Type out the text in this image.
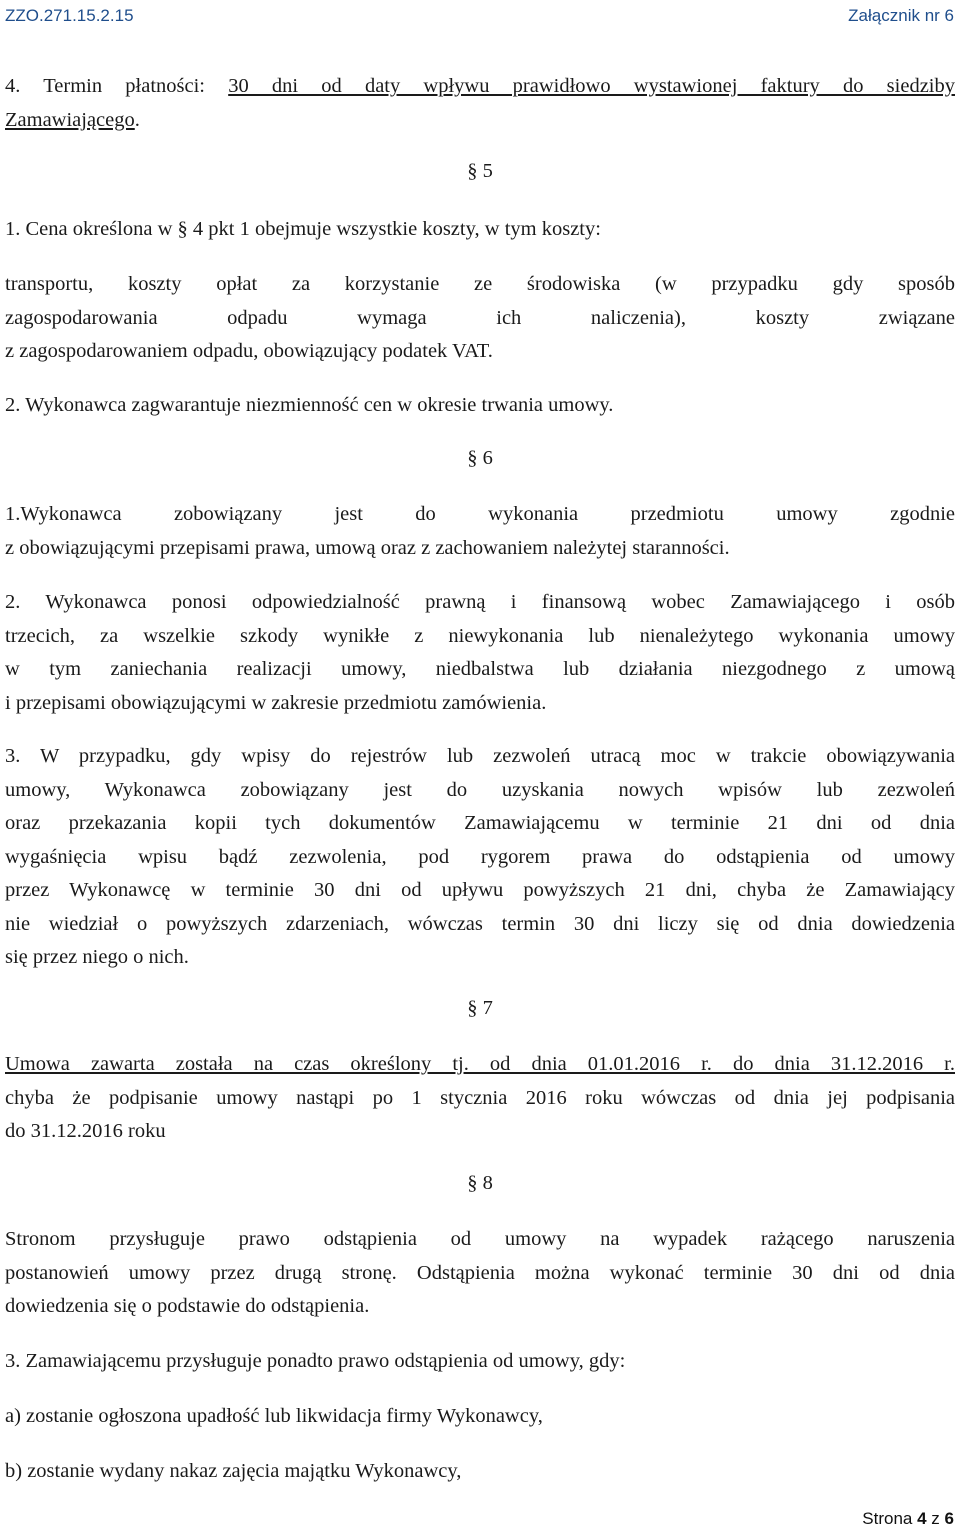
ZZO.271.15.2.15	Załącznik nr 6
4. Termin płatności: 30 dni od daty wpływu prawidłowo wystawionej faktury do siedziby
Zamawiającego.
§ 5
1. Cena określona w § 4 pkt 1 obejmuje wszystkie koszty, w tym koszty:
transportu, koszty opłat za korzystanie ze środowiska (w przypadku gdy sposób
zagospodarowania odpadu wymaga ich naliczenia), koszty związane
z zagospodarowaniem odpadu, obowiązujący podatek VAT.
2. Wykonawca zagwarantuje niezmienność cen w okresie trwania umowy.
§ 6
1.Wykonawca zobowiązany jest do wykonania przedmiotu umowy zgodnie
z obowiązującymi przepisami prawa, umową oraz z zachowaniem należytej staranności.
2. Wykonawca ponosi odpowiedzialność prawną i finansową wobec Zamawiającego i osób
trzecich, za wszelkie szkody wynikłe z niewykonania lub nienależytego wykonania umowy
w tym zaniechania realizacji umowy, niedbalstwa lub działania niezgodnego z umową
i przepisami obowiązującymi w zakresie przedmiotu zamówienia.
3. W przypadku, gdy wpisy do rejestrów lub zezwoleń utracą moc w trakcie obowiązywania
umowy, Wykonawca zobowiązany jest do uzyskania nowych wpisów lub zezwoleń
oraz przekazania kopii tych dokumentów Zamawiającemu w terminie 21 dni od dnia
wygaśnięcia wpisu bądź zezwolenia, pod rygorem prawa do odstąpienia od umowy
przez Wykonawcę w terminie 30 dni od upływu powyższych 21 dni, chyba że Zamawiający
nie wiedział o powyższych zdarzeniach, wówczas termin 30 dni liczy się od dnia dowiedzenia
się przez niego o nich.
§ 7
Umowa zawarta została na czas określony tj. od dnia 01.01.2016 r. do dnia 31.12.2016 r.
chyba że podpisanie umowy nastąpi po 1 stycznia 2016 roku wówczas od dnia jej podpisania
do 31.12.2016 roku
§ 8
Stronom przysługuje prawo odstąpienia od umowy na wypadek rażącego naruszenia
postanowień umowy przez drugą stronę. Odstąpienia można wykonać terminie 30 dni od dnia
dowiedzenia się o podstawie do odstąpienia.
3. Zamawiającemu przysługuje ponadto prawo odstąpienia od umowy, gdy:
a) zostanie ogłoszona upadłość lub likwidacja firmy Wykonawcy,
b) zostanie wydany nakaz zajęcia majątku Wykonawcy,
Strona 4 z 6
